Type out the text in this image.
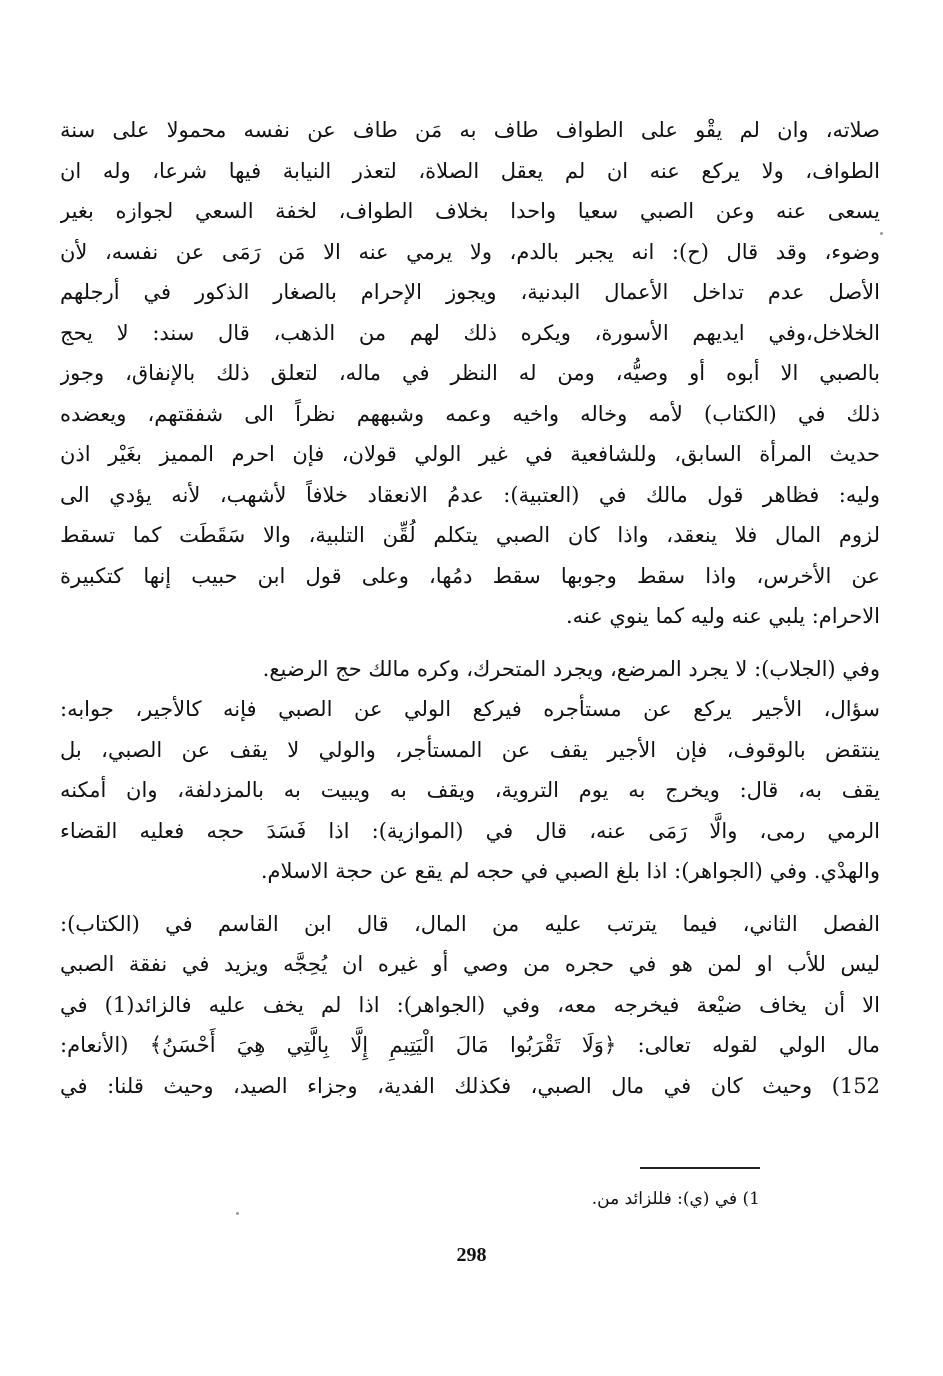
صلاته، وان لم يقْو على الطواف طاف به مَن طاف عن نفسه محمولا على سنة
الطواف، ولا يركع عنه ان لم يعقل الصلاة، لتعذر النيابة فيها شرعا، وله ان
يسعى عنه وعن الصبي سعيا واحدا بخلاف الطواف، لخفة السعي لجوازه بغير
وضوء، وقد قال (ح): انه يجبر بالدم، ولا يرمي عنه الا مَن رَمَى عن نفسه، لأن
الأصل عدم تداخل الأعمال البدنية، ويجوز الإحرام بالصغار الذكور في أرجلهم
الخلاخل،وفي ايديهم الأسورة، ويكره ذلك لهم من الذهب، قال سند: لا يحج
بالصبي الا أبوه أو وصيُّه، ومن له النظر في ماله، لتعلق ذلك بالإنفاق، وجوز
ذلك في (الكتاب) لأمه وخاله واخيه وعمه وشبههم نظراً الى شفقتهم، ويعضده
حديث المرأة السابق، وللشافعية في غير الولي قولان، فإن احرم المميز بغَيْر اذن
وليه: فظاهر قول مالك في (العتبية): عدمُ الانعقاد خلافاً لأشهب، لأنه يؤدي الى
لزوم المال فلا ينعقد، واذا كان الصبي يتكلم لُقِّن التلبية، والا سَقَطَت كما تسقط
عن الأخرس، واذا سقط وجوبها سقط دمُها، وعلى قول ابن حبيب إنها كتكبيرة
الاحرام: يلبي عنه وليه كما ينوي عنه.
وفي (الجلاب): لا يجرد المرضع، ويجرد المتحرك، وكره مالك حج الرضيع.
سؤال، الأجير يركع عن مستأجره فيركع الولي عن الصبي فإنه كالأجير، جوابه:
ينتقض بالوقوف، فإن الأجير يقف عن المستأجر، والولي لا يقف عن الصبي، بل
يقف به، قال: ويخرج به يوم التروية، ويقف به ويبيت به بالمزدلفة، وان أمكنه
الرمي رمى، والَّا رَمَى عنه، قال في (الموازية): اذا فَسَدَ حجه فعليه القضاء
والهدْي. وفي (الجواهر): اذا بلغ الصبي في حجه لم يقع عن حجة الاسلام.
الفصل الثاني، فيما يترتب عليه من المال، قال ابن القاسم في (الكتاب):
ليس للأب او لمن هو في حجره من وصي أو غيره ان يُحِجَّه ويزيد في نفقة الصبي
الا أن يخاف ضيْعة فيخرجه معه، وفي (الجواهر): اذا لم يخف عليه فالزائد(1) في
مال الولي لقوله تعالى: ﴿وَلَا تَقْرَبُوا مَالَ الْيَتِيمِ إِلَّا بِالَّتِي هِيَ أَحْسَنُ﴾ (الأنعام:
152) وحيث كان في مال الصبي، فكذلك الفدية، وجزاء الصيد، وحيث قلنا: في
1) في (ي): فللزائد من.
298
